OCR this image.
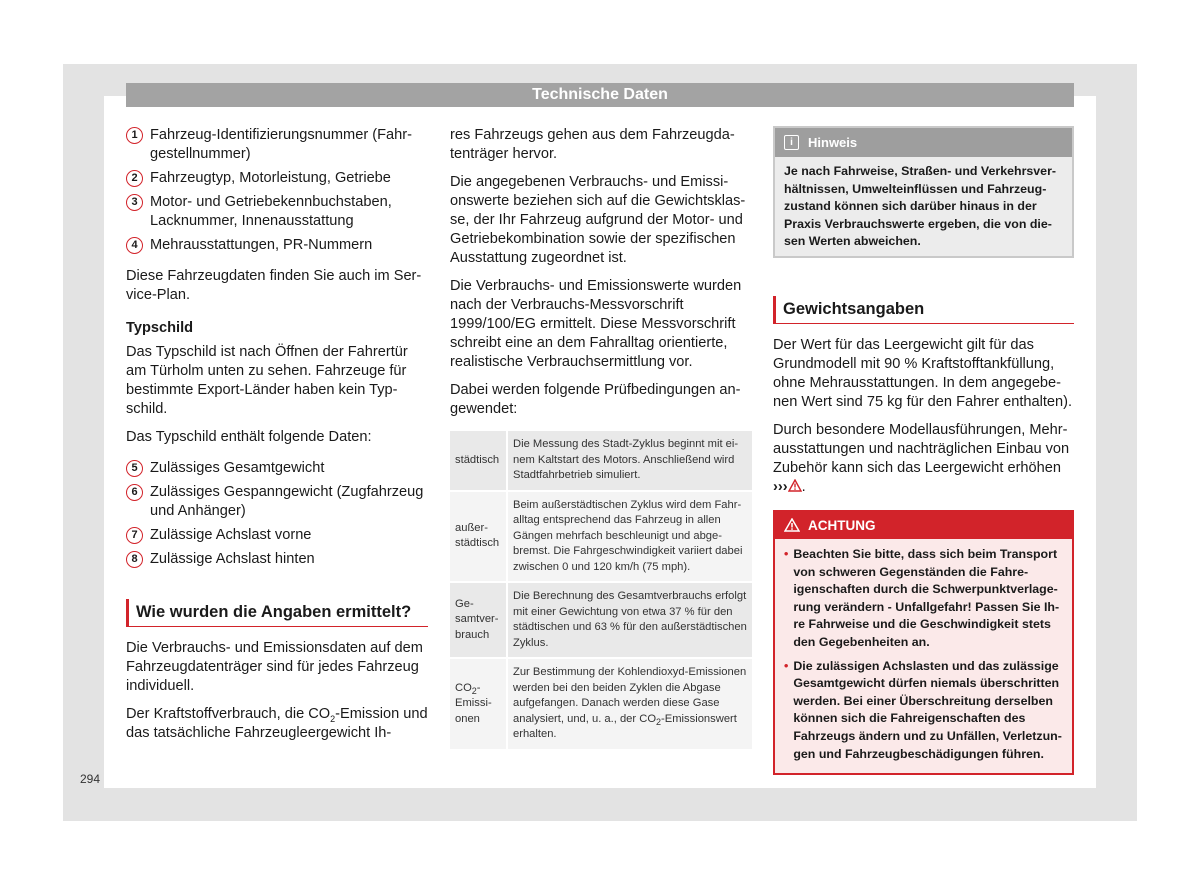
Technische Daten
1 Fahrzeug-Identifizierungsnummer (Fahrgestellnummer)
2 Fahrzeugtyp, Motorleistung, Getriebe
3 Motor- und Getriebekennbuchstaben, Lacknummer, Innenausstattung
4 Mehrausstattungen, PR-Nummern

Diese Fahrzeugdaten finden Sie auch im Service-Plan.

Typschild

Das Typschild ist nach Öffnen der Fahrertür am Türholm unten zu sehen. Fahrzeuge für bestimmte Export-Länder haben kein Typschild.

Das Typschild enthält folgende Daten:

5 Zulässiges Gesamtgewicht
6 Zulässiges Gespanngewicht (Zugfahrzeug und Anhänger)
7 Zulässige Achslast vorne
8 Zulässige Achslast hinten
Wie wurden die Angaben ermittelt?

Die Verbrauchs- und Emissionsdaten auf dem Fahrzeugdatenträger sind für jedes Fahrzeug individuell.

Der Kraftstoffverbrauch, die $CO_2$-Emission und das tatsächliche Fahrzeugleergewicht Ih-

res Fahrzeugs gehen aus dem Fahrzeugdatenträger hervor.

Die angegebenen Verbrauchs- und Emissionswerte beziehen sich auf die Gewichtsklasse, der Ihr Fahrzeug aufgrund der Motor- und Getriebekombination sowie der spezifischen Ausstattung zugeordnet ist.

Die Verbrauchs- und Emissionswerte wurden nach der Verbrauchs-Messvorschrift 1999/100/EG ermittelt. Diese Messvorschrift schreibt eine an dem Fahralltag orientierte, realistische Verbrauchsermittlung vor.

Dabei werden folgende Prüfbedingungen angewendet:

städtisch	Die Messung des Stadt-Zyklus beginnt mit einem Kaltstart des Motors. Anschließend wird Stadtfahrbetrieb simuliert.
außerstädtisch	Beim außerstädtischen Zyklus wird dem Fahralltag entsprechend das Fahrzeug in allen Gängen mehrfach beschleunigt und abgebremst. Die Fahrgeschwindigkeit variiert dabei zwischen 0 und 120 km/h (75 mph).
Gesamtverbrauch	Die Berechnung des Gesamtverbrauchs erfolgt mit einer Gewichtung von etwa 37 % für den städtischen und 63 % für den außerstädtischen Zyklus.
$CO_2$-Emissionen	Zur Bestimmung der Kohlendioxyd-Emissionen werden bei den beiden Zyklen die Abgase aufgefangen. Danach werden diese Gase analysiert, und, u. a., der $CO_2$-Emissionswert erhalten.
i	Hinweis
Je nach Fahrweise, Straßen- und Verkehrsverhältnissen, Umwelteinflüssen und Fahrzeugzustand können sich darüber hinaus in der Praxis Verbrauchswerte ergeben, die von diesen Werten abweichen.
Gewichtsangaben

Der Wert für das Leergewicht gilt für das Grundmodell mit 90 % Kraftstofftankfüllung, ohne Mehrausstattungen. In dem angegebenen Wert sind 75 kg für den Fahrer enthalten).

Durch besondere Modellausführungen, Mehrausstattungen und nachträglichen Einbau von Zubehör kann sich das Leergewicht erhöhen ››› .

ACHTUNG
• Beachten Sie bitte, dass sich beim Transport von schweren Gegenständen die Fahreigenschaften durch die Schwerpunktverlagerung verändern - Unfallgefahr! Passen Sie Ihre Fahrweise und die Geschwindigkeit stets den Gegebenheiten an.
• Die zulässigen Achslasten und das zulässige Gesamtgewicht dürfen niemals überschritten werden. Bei einer Überschreitung derselben können sich die Fahreigenschaften des Fahrzeugs ändern und zu Unfällen, Verletzungen und Fahrzeugbeschädigungen führen.
294
